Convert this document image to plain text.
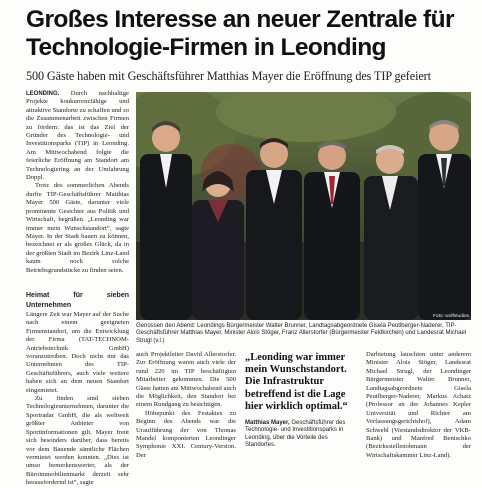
Großes Interesse an neuer Zentrale für Technologie-Firmen in Leonding
500 Gäste haben mit Geschäftsführer Matthias Mayer die Eröffnung des TIP gefeiert

LEONDING. Durch nachhaltige Projekte konkurrenzfähige und attraktive Standorte zu schaffen und so die Zusammenarbeit zwischen Firmen zu fördern: das ist das Ziel der Gründer des Technologie- und Investitionsparks (TIP) in Leonding. Am Mittwochabend folgte die feierliche Eröffnung am Standort am Technologiering an der Umfahrung Doppl.

Trotz des sommerlichen Abends durfte TIP-Geschäftsführer Matthias Mayer 500 Gäste, darunter viele prominente Gesichter aus Politik und Wirtschaft, begrüßen. „Leonding war immer mein Wunschstandort“, sagte Mayer. In der Stadt bauen zu können, bezeichnet er als großes Glück, da in der größten Stadt im Bezirk Linz-Land kaum noch solche Betriebsgrundstücke zu finden seien.

Heimat für sieben Unternehmen

Längere Zeit war Mayer auf der Suche nach einem geeigneten Firmenstandort, um die Entwicklung der Firma (TAT-TECHNOM-Antriebstechnik GmbH) voranzutreiben. Doch nicht nur das Unternehmen des TIP-Geschäftsführers, auch viele weitere haben sich an dem neuen Standort eingemietet.

Zu finden sind sieben Technologieunternehmen, darunter die Sportradar GmbH, die als weltweit größter Anbieter von Sportinformationen gilt. Mayer freut sich besonders darüber, dass bereits vor dem Bauende sämtliche Flächen vermietet werden konnten. „Dies ist umso bemerkenswerter, als der Büroimmobilienmarkt derzeit sehr herausfordernd ist“, sagte

Foto: wolfstudios
Genossen den Abend: Leondings Bürgermeister Walter Brunner, Landtagsabgeordnete Gisela Peutlberger-Naderer, TIP-Geschäftsführer Matthias Mayer, Minister Alois Stöger, Franz Allerstorfer (Bürgermeister Feldkirchen) und Landesrat Michael Strugl (v.l.)

auch Projektleiter David Allerstorfer. Zur Eröffnung waren auch viele der rund 220 im TIP beschäftigten Mitarbeiter gekommen. Die 500 Gäste hatten am Mittwochabend auch die Möglichkeit, den Standort bei einem Rundgang zu besichtigen.

Höhepunkt des Festaktes zu Beginn des Abends war die Uraufführung der von Thomas Mandel komponierten Leondinger Symphonie XXI. Century-Version. Der

„Leonding war immer mein Wunschstandort. Die Infrastruktur betreffend ist die Lage hier wirklich optimal.“
Matthias Mayer, Geschäftsführer des Technologie- und Investitionsparks in Leonding, über die Vorteile des Standortes.

Darbietung lauschten unter anderem Minister Alois Stöger, Landesrat Michael Strugl, der Leondinger Bürgermeister Walter Brunner, Landtagsabgeordnete Gisela Peutlberger-Naderer, Markus Achatz (Professor an der Johannes Kepler Universität und Richter am Verfassungsgerichtshof), Adam Schwebl (Vorstandsdirektor der VKB-Bank) und Manfred Benischko (Bezirksstellenobmann der Wirtschaftskammer Linz-Land).
